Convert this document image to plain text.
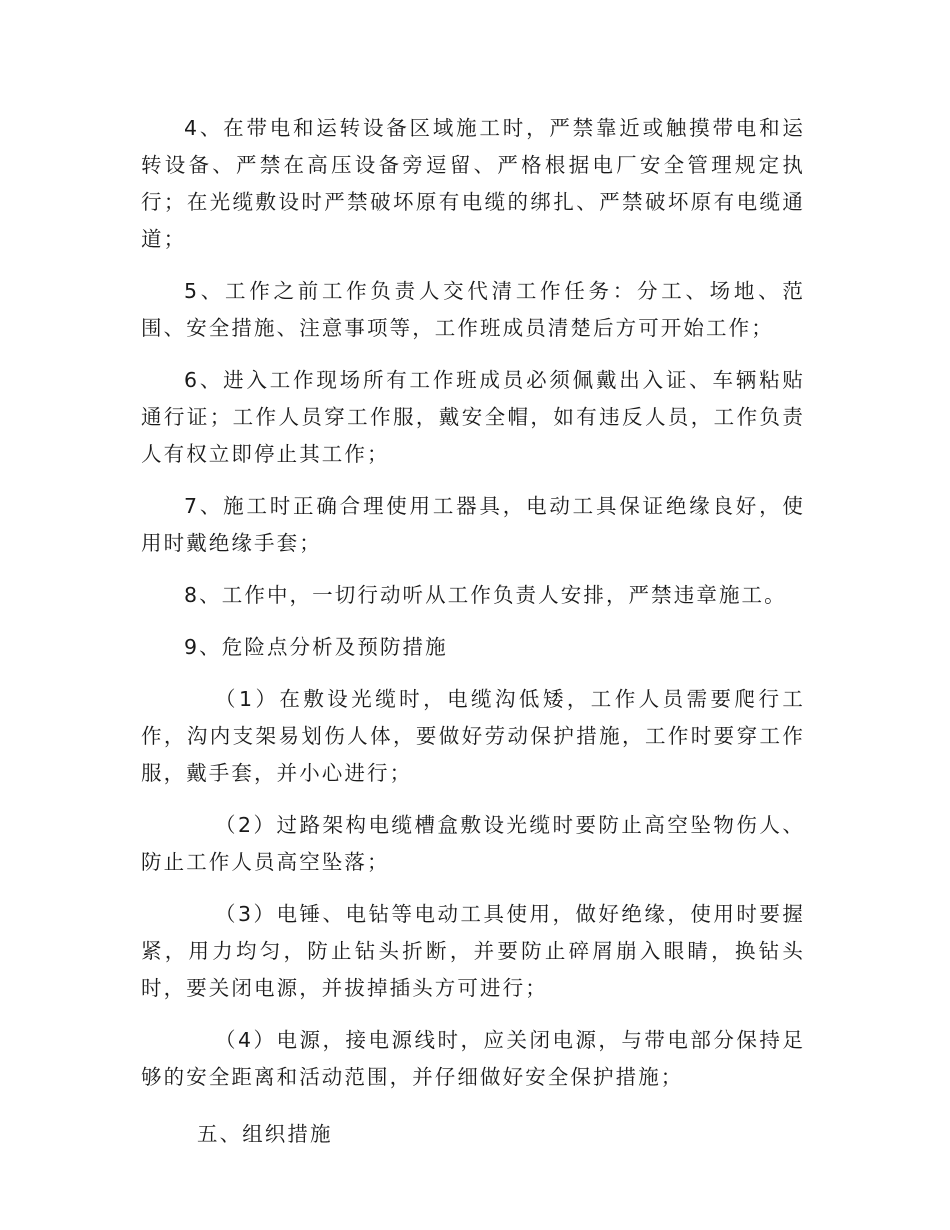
4、在带电和运转设备区域施工时，严禁靠近或触摸带电和运转设备、严禁在高压设备旁逗留、严格根据电厂安全管理规定执行；在光缆敷设时严禁破坏原有电缆的绑扎、严禁破坏原有电缆通道；

5、工作之前工作负责人交代清工作任务：分工、场地、范围、安全措施、注意事项等，工作班成员清楚后方可开始工作；

6、进入工作现场所有工作班成员必须佩戴出入证、车辆粘贴通行证；工作人员穿工作服，戴安全帽，如有违反人员，工作负责人有权立即停止其工作；

7、施工时正确合理使用工器具，电动工具保证绝缘良好，使用时戴绝缘手套；

8、工作中，一切行动听从工作负责人安排，严禁违章施工。

9、危险点分析及预防措施

（1）在敷设光缆时，电缆沟低矮，工作人员需要爬行工作，沟内支架易划伤人体，要做好劳动保护措施，工作时要穿工作服，戴手套，并小心进行；

（2）过路架构电缆槽盒敷设光缆时要防止高空坠物伤人、防止工作人员高空坠落；

（3）电锤、电钻等电动工具使用，做好绝缘，使用时要握紧，用力均匀，防止钻头折断，并要防止碎屑崩入眼睛，换钻头时，要关闭电源，并拔掉插头方可进行；

（4）电源，接电源线时，应关闭电源，与带电部分保持足够的安全距离和活动范围，并仔细做好安全保护措施；

五、组织措施
